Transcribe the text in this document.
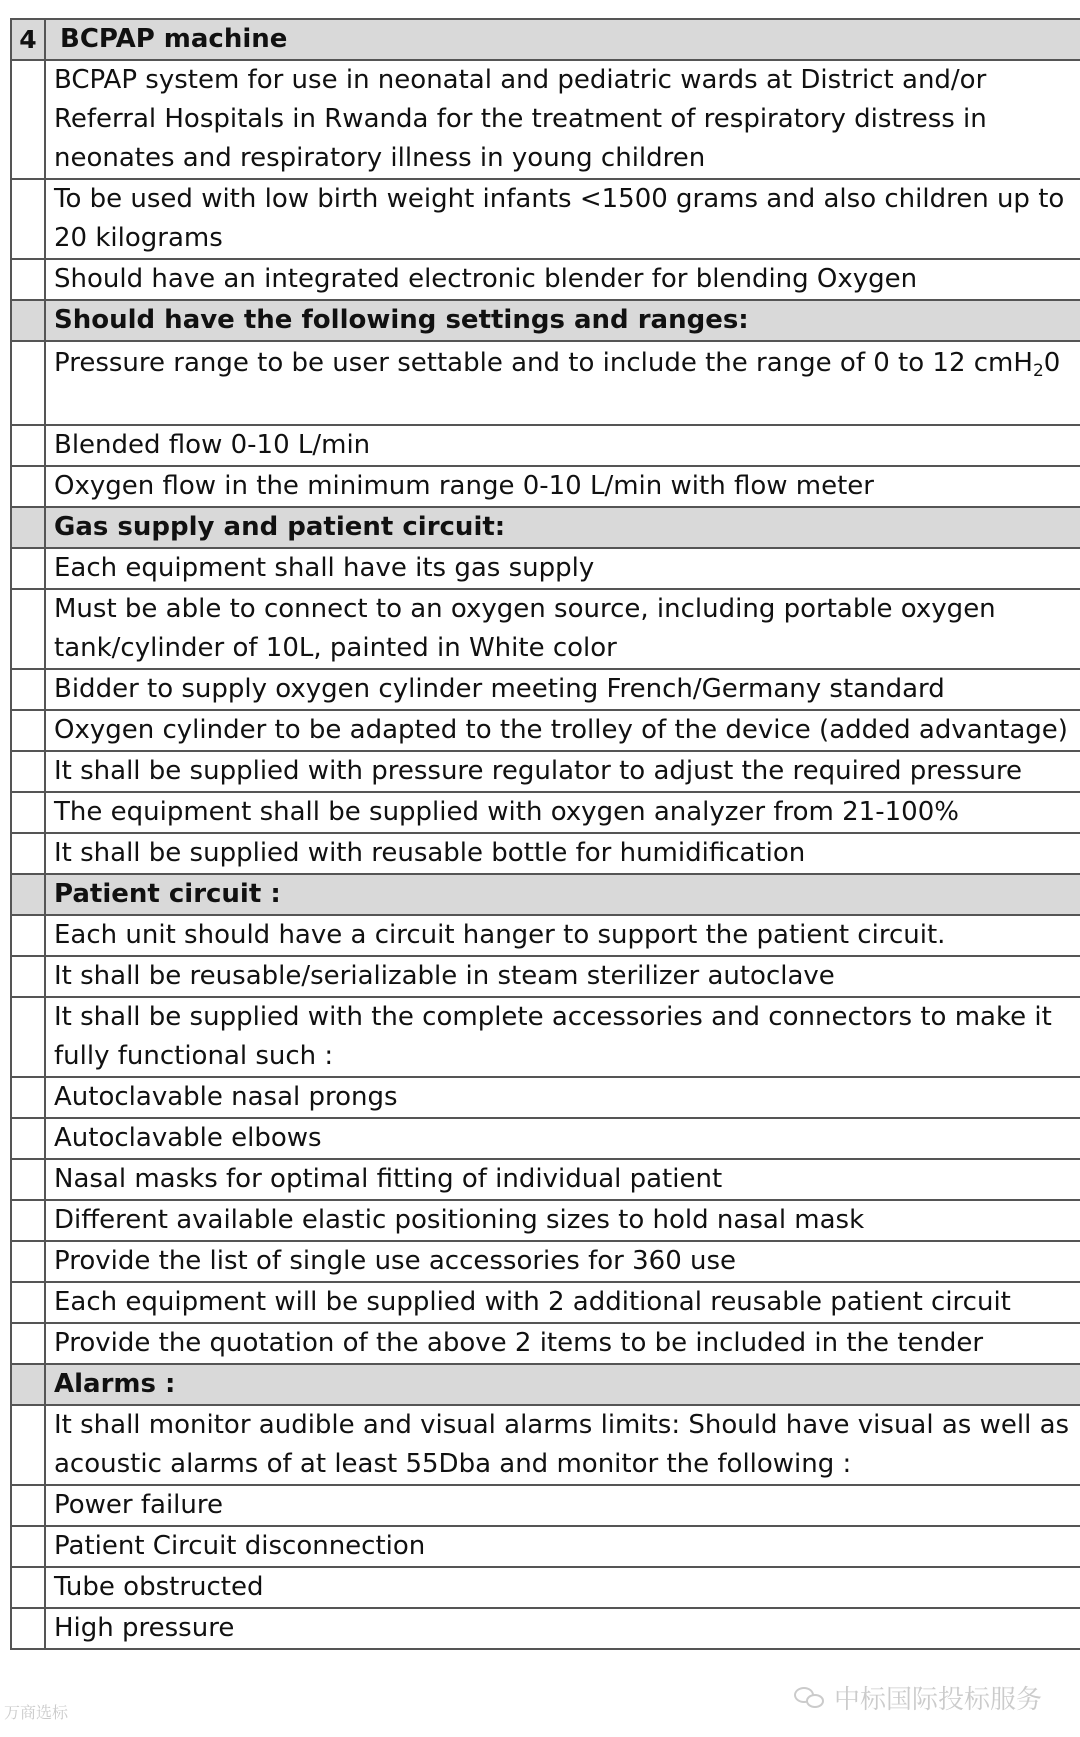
4	BCPAP machine
	BCPAP system for use in neonatal and pediatric wards at District and/or Referral Hospitals in Rwanda for the treatment of respiratory distress in neonates and respiratory illness in young children
	To be used with low birth weight infants <1500 grams and also children up to 20 kilograms
	Should have an integrated electronic blender for blending Oxygen
	Should have the following settings and ranges:
	Pressure range to be user settable and to include the range of 0 to 12 cmH$_2$0
	Blended flow 0-10 L/min
	Oxygen flow in the minimum range 0-10 L/min with flow meter
	Gas supply and patient circuit:
	Each equipment shall have its gas supply
	Must be able to connect to an oxygen source, including portable oxygen tank/cylinder of 10L, painted in White color
	Bidder to supply oxygen cylinder meeting French/Germany standard
	Oxygen cylinder to be adapted to the trolley of the device (added advantage)
	It shall be supplied with pressure regulator to adjust the required pressure
	The equipment shall be supplied with oxygen analyzer from 21-100%
	It shall be supplied with reusable bottle for humidification
	Patient circuit :
	Each unit should have a circuit hanger to support the patient circuit.
	It shall be reusable/serializable in steam sterilizer autoclave
	It shall be supplied with the complete accessories and connectors to make it fully functional such :
	Autoclavable nasal prongs
	Autoclavable elbows
	Nasal masks for optimal fitting of individual patient
	Different available elastic positioning sizes to hold nasal mask
	Provide the list of single use accessories for 360 use
	Each equipment will be supplied with 2 additional reusable patient circuit
	Provide the quotation of the above 2 items to be included in the tender
	Alarms :
	It shall monitor audible and visual alarms limits: Should have visual as well as acoustic alarms of at least 55Dba and monitor the following :
	Power failure
	Patient Circuit disconnection
	Tube obstructed
	High pressure
中标国际投标服务
万商选标
